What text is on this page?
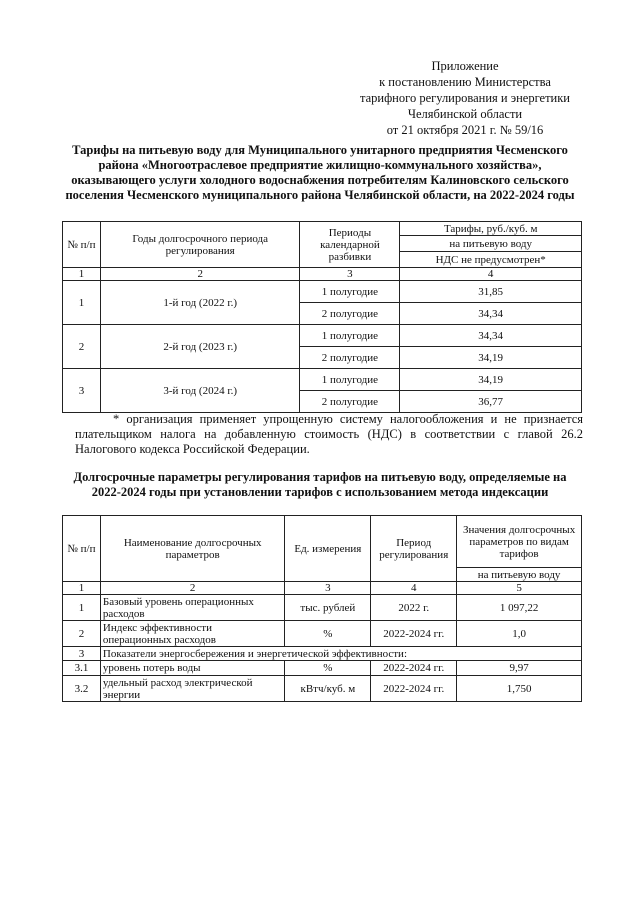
Приложение
к постановлению Министерства
тарифного регулирования и энергетики
Челябинской области
от 21 октября 2021 г. № 59/16
Тарифы на питьевую воду для Муниципального унитарного предприятия Чесменского района «Многоотраслевое предприятие жилищно-коммунального хозяйства», оказывающего услуги холодного водоснабжения потребителям Калиновского сельского поселения Чесменского муниципального района Челябинской области, на 2022-2024 годы
№ п/п	Годы долгосрочного периода регулирования	Периоды календарной разбивки	Тарифы, руб./куб. м
			на питьевую воду
			НДС не предусмотрен*
1	2	3	4
1	1-й год (2022 г.)	1 полугодие	31,85
		2 полугодие	34,34
2	2-й год (2023 г.)	1 полугодие	34,34
		2 полугодие	34,19
3	3-й год (2024 г.)	1 полугодие	34,19
		2 полугодие	36,77
* организация применяет упрощенную систему налогообложения и не признается плательщиком налога на добавленную стоимость (НДС) в соответствии с главой 26.2 Налогового кодекса Российской Федерации.
Долгосрочные параметры регулирования тарифов на питьевую воду, определяемые на 2022-2024 годы при установлении тарифов с использованием метода индексации
№ п/п	Наименование долгосрочных параметров	Ед. измерения	Период регулирования	Значения долгосрочных параметров по видам тарифов
				на питьевую воду
1	2	3	4	5
1	Базовый уровень операционных расходов	тыс. рублей	2022 г.	1 097,22
2	Индекс эффективности операционных расходов	%	2022-2024 гг.	1,0
3	Показатели энергосбережения и энергетической эффективности:			
3.1	уровень потерь воды	%	2022-2024 гг.	9,97
3.2	удельный расход электрической энергии	кВтч/куб. м	2022-2024 гг.	1,750
